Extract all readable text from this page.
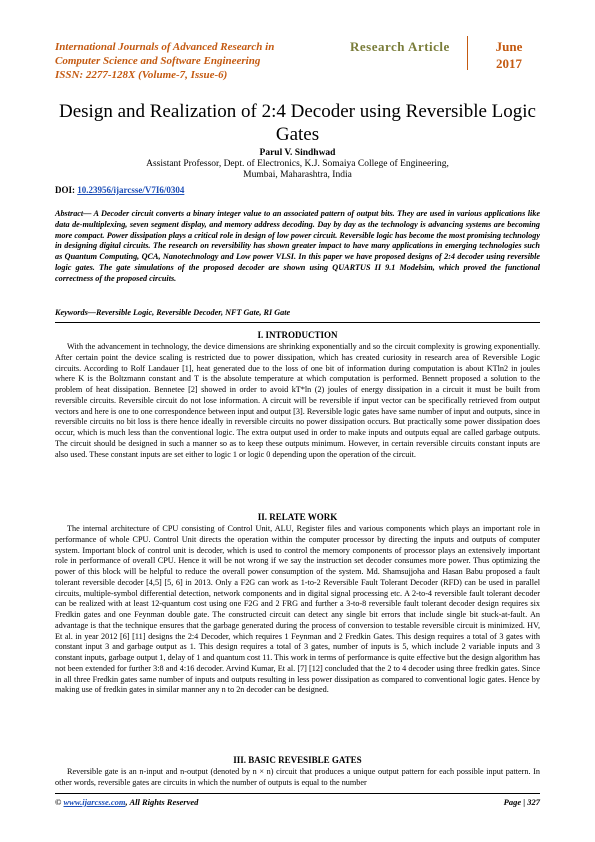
International Journals of Advanced Research in
Computer Science and Software Engineering
ISSN: 2277-128X (Volume-7, Issue-6)
Research Article	June
2017
Design and Realization of 2:4 Decoder using Reversible Logic Gates
Parul V. Sindhwad
Assistant Professor, Dept. of Electronics, K.J. Somaiya College of Engineering,
Mumbai, Maharashtra, India
DOI: 10.23956/ijarcsse/V7I6/0304
Abstract— A Decoder circuit converts a binary integer value to an associated pattern of output bits. They are used in various applications like data de-multiplexing, seven segment display, and memory address decoding. Day by day as the technology is advancing systems are becoming more compact. Power dissipation plays a critical role in design of low power circuit. Reversible logic has become the most promising technology in designing digital circuits. The research on reversibility has shown greater impact to have many applications in emerging technologies such as Quantum Computing, QCA, Nanotechnology and Low power VLSI. In this paper we have proposed designs of 2:4 decoder using reversible logic gates. The gate simulations of the proposed decoder are shown using QUARTUS II 9.1 Modelsim, which proved the functional correctness of the proposed circuits.
Keywords—Reversible Logic, Reversible Decoder, NFT Gate, RI Gate
I. INTRODUCTION
With the advancement in technology, the device dimensions are shrinking exponentially and so the circuit complexity is growing exponentially. After certain point the device scaling is restricted due to power dissipation, which has created curiosity in research area of Reversible Logic circuits. According to Rolf Landauer [1], heat generated due to the loss of one bit of information during computation is about KTln2 in joules where K is the Boltzmann constant and T is the absolute temperature at which computation is performed. Bennett proposed a solution to the problem of heat dissipation. Bennetee [2] showed in order to avoid kT*ln (2) joules of energy dissipation in a circuit it must be built from reversible circuits. Reversible circuit do not lose information. A circuit will be reversible if input vector can be specifically retrieved from output vectors and here is one to one correspondence between input and output [3]. Reversible logic gates have same number of input and outputs, since in reversible circuits no bit loss is there hence ideally in reversible circuits no power dissipation occurs. But practically some power dissipation does occur, which is much less than the conventional logic. The extra output used in order to make inputs and outputs equal are called garbage outputs. The circuit should be designed in such a manner so as to keep these outputs minimum. However, in certain reversible circuits constant inputs are also used. These constant inputs are set either to logic 1 or logic 0 depending upon the operation of the circuit.
II. RELATE WORK
The internal architecture of CPU consisting of Control Unit, ALU, Register files and various components which plays an important role in performance of whole CPU. Control Unit directs the operation within the computer processor by directing the inputs and outputs of computer system. Important block of control unit is decoder, which is used to control the memory components of processor plays an extensively important role in performance of overall CPU. Hence it will be not wrong if we say the instruction set decoder consumes more power. Thus optimizing the power of this block will be helpful to reduce the overall power consumption of the system. Md. Shamsujjoha and Hasan Babu proposed a fault tolerant reversible decoder [4,5] [5, 6] in 2013. Only a F2G can work as 1-to-2 Reversible Fault Tolerant Decoder (RFD) can be used in parallel circuits, multiple-symbol differential detection, network components and in digital signal processing etc. A 2-to-4 reversible fault tolerant decoder can be realized with at least 12-quantum cost using one F2G and 2 FRG and further a 3-to-8 reversible fault tolerant decoder design requires six Fredkin gates and one Feynman double gate. The constructed circuit can detect any single bit errors that include single bit stuck-at-fault. An advantage is that the technique ensures that the garbage generated during the process of conversion to testable reversible circuit is minimized. HV, Et al. in year 2012 [6] [11] designs the 2:4 Decoder, which requires 1 Feynman and 2 Fredkin Gates. This design requires a total of 3 gates with constant input 3 and garbage output as 1. This design requires a total of 3 gates, number of inputs is 5, which include 2 variable inputs and 3 constant inputs, garbage output 1, delay of 1 and quantum cost 11. This work in terms of performance is quite effective but the design algorithm has not been extended for further 3:8 and 4:16 decoder. Arvind Kumar, Et al. [7] [12] concluded that the 2 to 4 decoder using three fredkin gates. Since in all three Fredkin gates same number of inputs and outputs resulting in less power dissipation as compared to conventional logic gates. Hence by making use of fredkin gates in similar manner any n to 2n decoder can be designed.
III. BASIC REVESIBLE GATES
Reversible gate is an n-input and n-output (denoted by n × n) circuit that produces a unique output pattern for each possible input pattern. In other words, reversible gates are circuits in which the number of outputs is equal to the number
© www.ijarcsse.com, All Rights Reserved	Page | 327
